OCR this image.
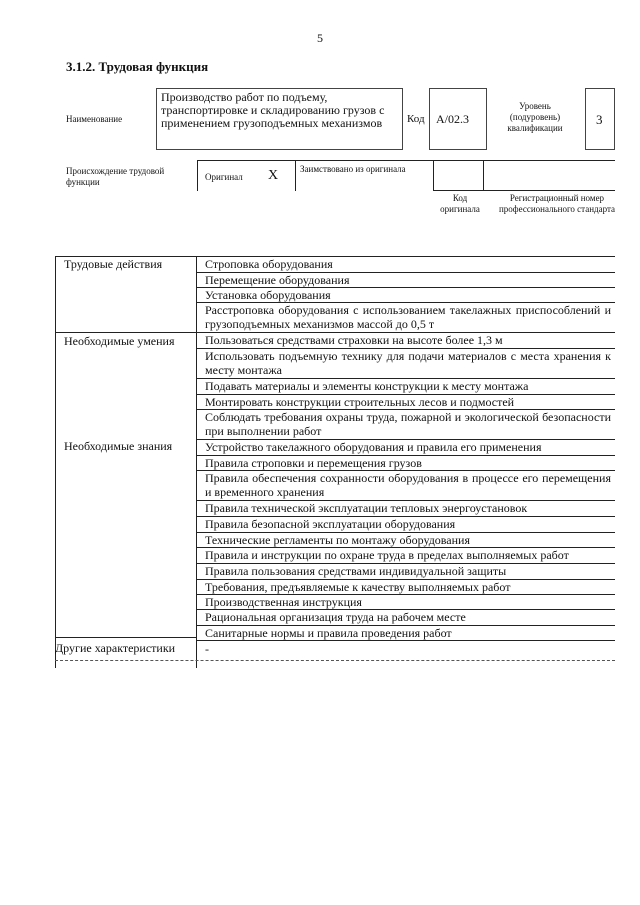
5
3.1.2. Трудовая функция
Наименование
Производство работ по подъему, транспортировке и складированию грузов с применением грузоподъемных механизмов	Код А/02.3
Уровень (подуровень) квалификации
3
Происхождение трудовой функции	Оригинал X Заимствовано из оригинала
Код оригинала
Регистрационный номер профессионального стандарта
Трудовые действия
Необходимые умения
Необходимые знания
Другие характеристики
Строповка оборудования
Перемещение оборудования
Установка оборудования
Расстроповка оборудования с использованием такелажных приспособлений и грузоподъемных механизмов массой до 0,5 т
Пользоваться средствами страховки на высоте более 1,3 м
Использовать подъемную технику для подачи материалов с места хранения к месту монтажа
Подавать материалы и элементы конструкции к месту монтажа
Монтировать конструкции строительных лесов и подмостей
Соблюдать требования охраны труда, пожарной и экологической безопасности при выполнении работ
Устройство такелажного оборудования и правила его применения
Правила строповки и перемещения грузов
Правила обеспечения сохранности оборудования в процессе его перемещения и временного хранения
Правила технической эксплуатации тепловых энергоустановок
Правила безопасной эксплуатации оборудования
Технические регламенты по монтажу оборудования
Правила и инструкции по охране труда в пределах выполняемых работ
Правила пользования средствами индивидуальной защиты
Требования, предъявляемые к качеству выполняемых работ
Производственная инструкция
Рациональная организация труда на рабочем месте
Санитарные нормы и правила проведения работ
-
